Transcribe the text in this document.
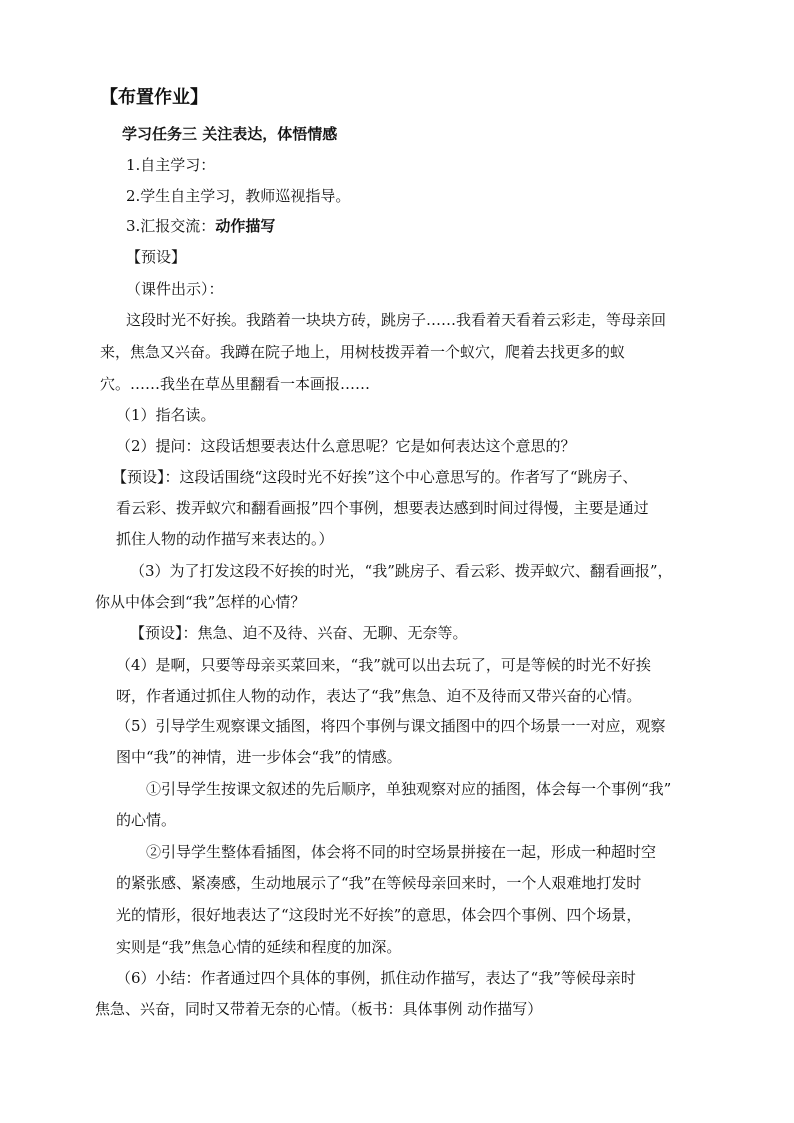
【布置作业】
学习任务三 关注表达，体悟情感
1.自主学习：
2.学生自主学习，教师巡视指导。
3.汇报交流：动作描写
【预设】
（课件出示）：
这段时光不好挨。我踏着一块块方砖，跳房子……我看着天看着云彩走，等母亲回
来，焦急又兴奋。我蹲在院子地上，用树枝拨弄着一个蚁穴，爬着去找更多的蚁
穴。……我坐在草丛里翻看一本画报……
（1）指名读。
（2）提问：这段话想要表达什么意思呢？它是如何表达这个意思的？
【预设】：这段话围绕“这段时光不好挨”这个中心意思写的。作者写了“跳房子、
看云彩、拨弄蚁穴和翻看画报”四个事例，想要表达感到时间过得慢，主要是通过
抓住人物的动作描写来表达的。）
（3）为了打发这段不好挨的时光，“我”跳房子、看云彩、拨弄蚁穴、翻看画报”，
你从中体会到“我”怎样的心情？
【预设】：焦急、迫不及待、兴奋、无聊、无奈等。
（4）是啊，只要等母亲买菜回来，“我”就可以出去玩了，可是等候的时光不好挨
呀，作者通过抓住人物的动作，表达了“我”焦急、迫不及待而又带兴奋的心情。
（5）引导学生观察课文插图，将四个事例与课文插图中的四个场景一一对应，观察
图中“我”的神情，进一步体会“我”的情感。
①引导学生按课文叙述的先后顺序，单独观察对应的插图，体会每一个事例“我”
的心情。
②引导学生整体看插图，体会将不同的时空场景拼接在一起，形成一种超时空
的紧张感、紧凑感，生动地展示了“我”在等候母亲回来时，一个人艰难地打发时
光的情形，很好地表达了“这段时光不好挨”的意思，体会四个事例、四个场景，
实则是“我”焦急心情的延续和程度的加深。
（6）小结：作者通过四个具体的事例，抓住动作描写，表达了“我”等候母亲时
焦急、兴奋，同时又带着无奈的心情。（板书：具体事例 动作描写）
